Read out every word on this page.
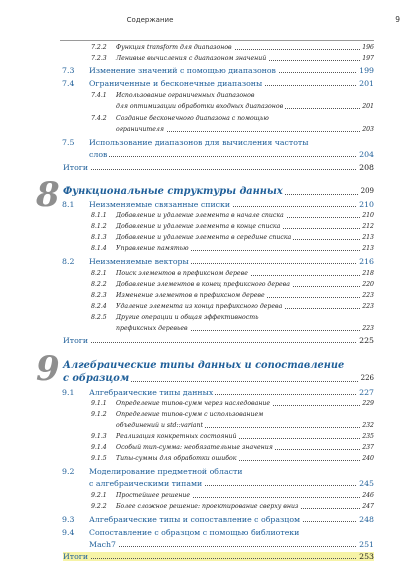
Содержание	9
7.2.2 Функция transform для диапазонов	196
7.2.3 Ленивые вычисления с диапазоном значений	197
7.3 Изменение значений с помощью диапазонов	199
7.4 Ограниченные и бесконечные диапазоны	201
7.4.1 Использование ограниченных диапазонов
для оптимизации обработки входных диапазонов	201
7.4.2 Создание бесконечного диапазона с помощью
ограничителя	203
7.5 Использование диапазонов для вычисления частоты
слов	204
Итоги	208
8 Функциональные структуры данных	209
8.1 Неизменяемые связанные списки	210
8.1.1 Добавление и удаление элемента в начале списка	210
8.1.2 Добавление и удаление элемента в конце списка	212
8.1.3 Добавление и удаление элемента в середине списка	213
8.1.4 Управление памятью	213
8.2 Неизменяемые векторы	216
8.2.1 Поиск элементов в префиксном дереве	218
8.2.2 Добавление элементов в конец префиксного дерева	220
8.2.3 Изменение элементов в префиксном дереве	223
8.2.4 Удаление элемента из конца префиксного дерева	223
8.2.5 Другие операции и общая эффективность
префиксных деревьев	223
Итоги	225
9 Алгебраические типы данных и сопоставление
с образцом	226
9.1 Алгебраические типы данных	227
9.1.1 Определение типов-сумм через наследование	229
9.1.2 Определение типов-сумм с использованием
объединений и std::variant	232
9.1.3 Реализация конкретных состояний	235
9.1.4 Особый тип-сумма: необязательные значения	237
9.1.5 Типы-суммы для обработки ошибок	240
9.2 Моделирование предметной области
с алгебраическими типами	245
9.2.1 Простейшее решение	246
9.2.2 Более сложное решение: проектирование сверху вниз	247
9.3 Алгебраические типы и сопоставление с образцом	248
9.4 Сопоставление с образцом с помощью библиотеки
Mach7	251
Итоги	253
